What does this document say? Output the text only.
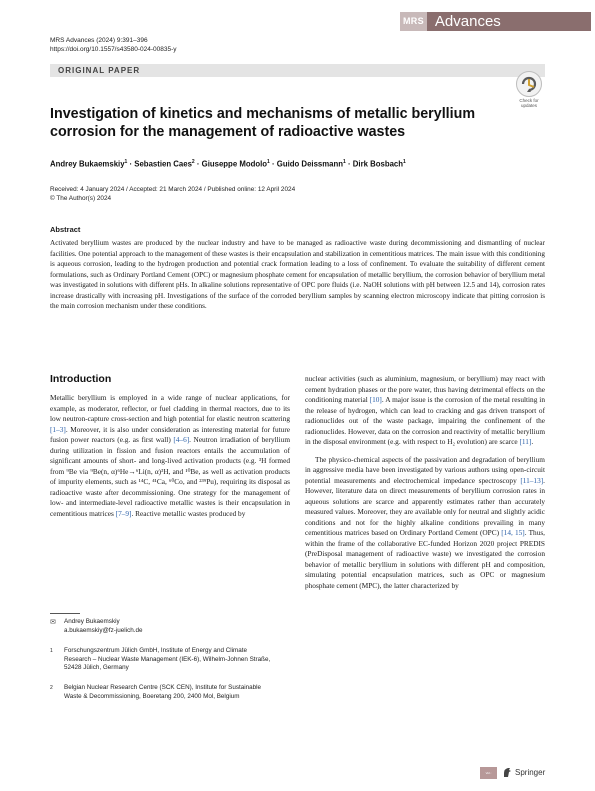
MRS Advances
MRS Advances (2024) 9:391–396
https://doi.org/10.1557/s43580-024-00835-y
ORIGINAL PAPER
Check for
updates
Investigation of kinetics and mechanisms of metallic beryllium corrosion for the management of radioactive wastes
Andrey Bukaemskiy$^1$ · Sebastien Caes$^2$ · Giuseppe Modolo$^1$ · Guido Deissmann$^1$ · Dirk Bosbach$^1$
Received: 4 January 2024 / Accepted: 21 March 2024 / Published online: 12 April 2024
© The Author(s) 2024
Abstract
Activated beryllium wastes are produced by the nuclear industry and have to be managed as radioactive waste during decommissioning and dismantling of nuclear facilities. One potential approach to the management of these wastes is their encapsulation and stabilization in cementitious matrices. The main issue with this conditioning is aqueous corrosion, leading to the hydrogen production and potential crack formation leading to a loss of confinement. To evaluate the suitability of different cement formulations, such as Ordinary Portland Cement (OPC) or magnesium phosphate cement for encapsulation of metallic beryllium, the corrosion behavior of beryllium metal was investigated in solutions with different pHs. In alkaline solutions representative of OPC pore fluids (i.e. NaOH solutions with pH between 12.5 and 14), corrosion rates increase drastically with increasing pH. Investigations of the surface of the corroded beryllium samples by scanning electron microscopy indicate that pitting corrosion is the main corrosion mechanism under these conditions.
Introduction

Metallic beryllium is employed in a wide range of nuclear applications, for example, as moderator, reflector, or fuel cladding in thermal reactors, due to its low neutron-capture cross-section and high potential for elastic neutron scattering [1–3]. Moreover, it is also under consideration as interesting material for future fusion power reactors (e.g. as first wall) [4–6]. Neutron irradiation of beryllium during utilization in fission and fusion reactors entails the accumulation of significant amounts of short- and long-lived activation products (e.g. ³H formed from ⁹Be via ⁹Be(n, α)⁶He→⁶Li(n, α)³H, and ¹⁰Be, as well as activation products of impurity elements, such as ¹⁴C, ⁴¹Ca, ⁶⁰Co, and ²³⁹Pu), requiring its disposal as radioactive waste after decommissioning. One strategy for the management of low- and intermediate-level radioactive metallic wastes is their encapsulation in cementitious matrices [7–9]. Reactive metallic wastes produced by

nuclear activities (such as aluminium, magnesium, or beryllium) may react with cement hydration phases or the pore water, thus having detrimental effects on the conditioning material [10]. A major issue is the corrosion of the metal resulting in the release of hydrogen, which can lead to cracking and gas driven transport of radionuclides out of the waste package, impairing the confinement of the radionuclides. However, data on the corrosion and reactivity of metallic beryllium in the disposal environment (e.g. with respect to H₂ evolution) are scarce [11].

The physico-chemical aspects of the passivation and degradation of beryllium in aggressive media have been investigated by various authors using open-circuit potential measurements and electrochemical impedance spectroscopy [11–13]. However, literature data on direct measurements of beryllium corrosion rates in aqueous solutions are scarce and apparently estimates rather than accurately measured values. Moreover, they are available only for neutral and slightly acidic conditions and not for the highly alkaline conditions prevailing in many cementitious matrices based on Ordinary Portland Cement (OPC) [14, 15]. Thus, within the frame of the collaborative EC-funded Horizon 2020 project PREDIS (PreDisposal management of radioactive waste) we investigated the corrosion behavior of metallic beryllium in solutions with different pH and composition, simulating potential encapsulation matrices, such as OPC or magnesium phosphate cement (MPC), the latter characterized by

✉ Andrey Bukaemskiy
a.bukaemskiy@fz-juelich.de
1 Forschungszentrum Jülich GmbH, Institute of Energy and Climate Research – Nuclear Waste Management (IEK-6), Wilhelm-Johnen Straße, 52428 Jülich, Germany
2 Belgian Nuclear Research Centre (SCK CEN), Institute for Sustainable Waste & Decommissioning, Boeretang 200, 2400 Mol, Belgium
Vol.:(0123456789)
Springer
